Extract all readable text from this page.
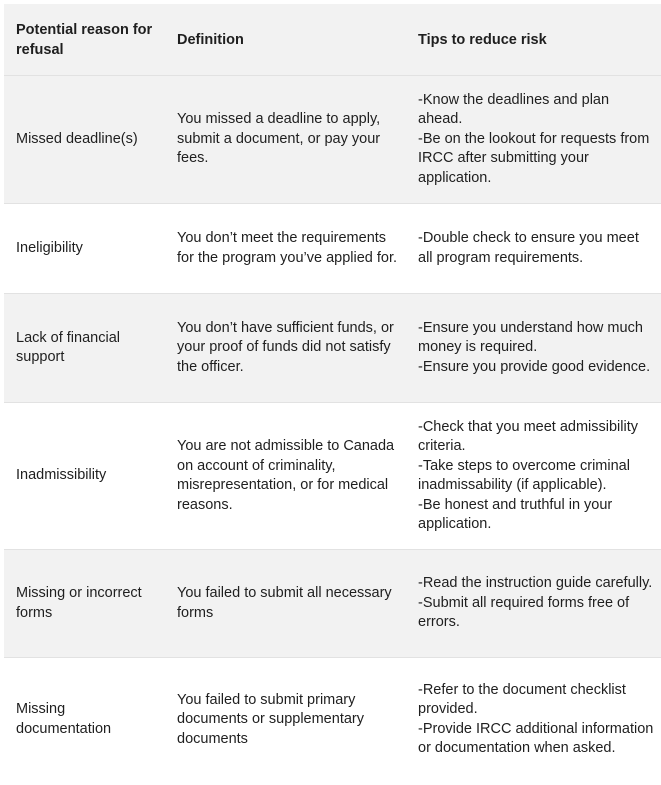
Potential reason for refusal	Definition	Tips to reduce risk
Missed deadline(s)	You missed a deadline to apply, submit a document, or pay your fees.	-Know the deadlines and plan ahead.
-Be on the lookout for requests from IRCC after submitting your application.

Ineligibility	You don’t meet the requirements for the program you’ve applied for.	-Double check to ensure you meet all program requirements.

Lack of financial support	You don’t have sufficient funds, or your proof of funds did not satisfy the officer.	-Ensure you understand how much money is required.
-Ensure you provide good evidence.

Inadmissibility	You are not admissible to Canada on account of criminality, misrepresentation, or for medical reasons.	-Check that you meet admissibility criteria.
-Take steps to overcome criminal inadmissability (if applicable).
-Be honest and truthful in your application.

Missing or incorrect forms	You failed to submit all necessary forms	-Read the instruction guide carefully.
-Submit all required forms free of errors.

Missing documentation	You failed to submit primary documents or supplementary documents	-Refer to the document checklist provided.
-Provide IRCC additional information or documentation when asked.
